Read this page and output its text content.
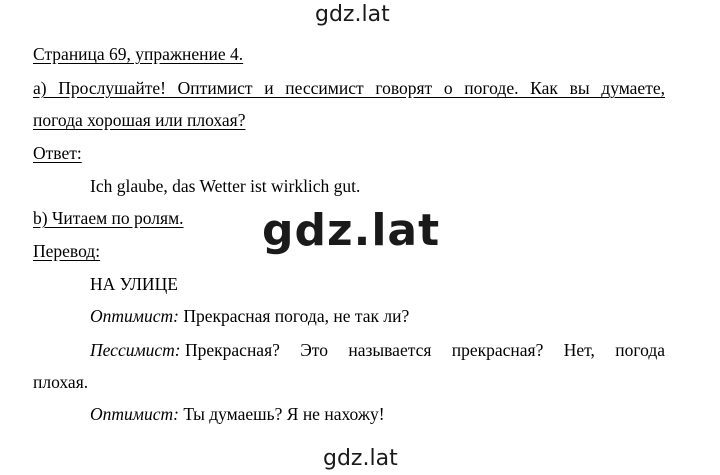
gdz.lat
gdz.lat
gdz.lat
Страница 69, упражнение 4.
а) Прослушайте! Оптимист и пессимист говорят о погоде. Как вы думаете,
погода хорошая или плохая?
Ответ:
Ich glaube, das Wetter ist wirklich gut.
b) Читаем по ролям.
Перевод:
НА УЛИЦЕ
Оптимист: Прекрасная погода, не так ли?
Пессимист: Прекрасная? Это называется прекрасная? Нет, погода
плохая.
Оптимист: Ты думаешь? Я не нахожу!
